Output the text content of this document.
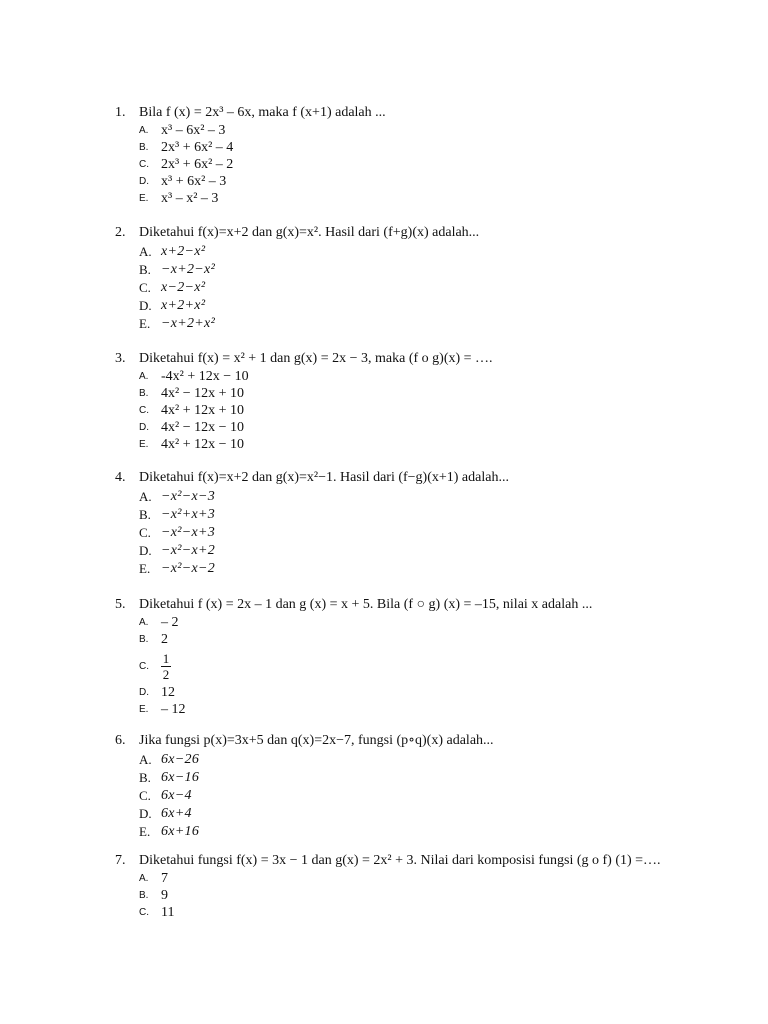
1. Bila f (x) = 2x³ – 6x, maka f (x+1) adalah ...
A. x³ – 6x² – 3
B. 2x³ + 6x² – 4
C. 2x³ + 6x² – 2
D. x³ + 6x² – 3
E. x³ – x² – 3
2. Diketahui f(x)=x+2 dan g(x)=x². Hasil dari (f+g)(x) adalah...
A. x+2−x²
B. −x+2−x²
C. x−2−x²
D. x+2+x²
E. −x+2+x²
3. Diketahui f(x) = x² + 1 dan g(x) = 2x − 3, maka (f o g)(x) = ….
A. -4x² + 12x − 10
B. 4x² − 12x + 10
C. 4x² + 12x + 10
D. 4x² − 12x − 10
E. 4x² + 12x − 10
4. Diketahui f(x)=x+2 dan g(x)=x²−1. Hasil dari (f−g)(x+1) adalah...
A. −x²−x−3
B. −x²+x+3
C. −x²−x+3
D. −x²−x+2
E. −x²−x−2
5. Diketahui f (x) = 2x – 1 dan g (x) = x + 5. Bila (f ○ g) (x) = –15, nilai x adalah ...
A. – 2
B. 2
C. $\frac{1}{2}$
D. 12
E. – 12
6. Jika fungsi p(x)=3x+5 dan q(x)=2x−7, fungsi (p∘q)(x) adalah...
A. 6x−26
B. 6x−16
C. 6x−4
D. 6x+4
E. 6x+16
7. Diketahui fungsi f(x) = 3x − 1 dan g(x) = 2x² + 3. Nilai dari komposisi fungsi (g o f) (1) =….
A. 7
B. 9
C. 11
